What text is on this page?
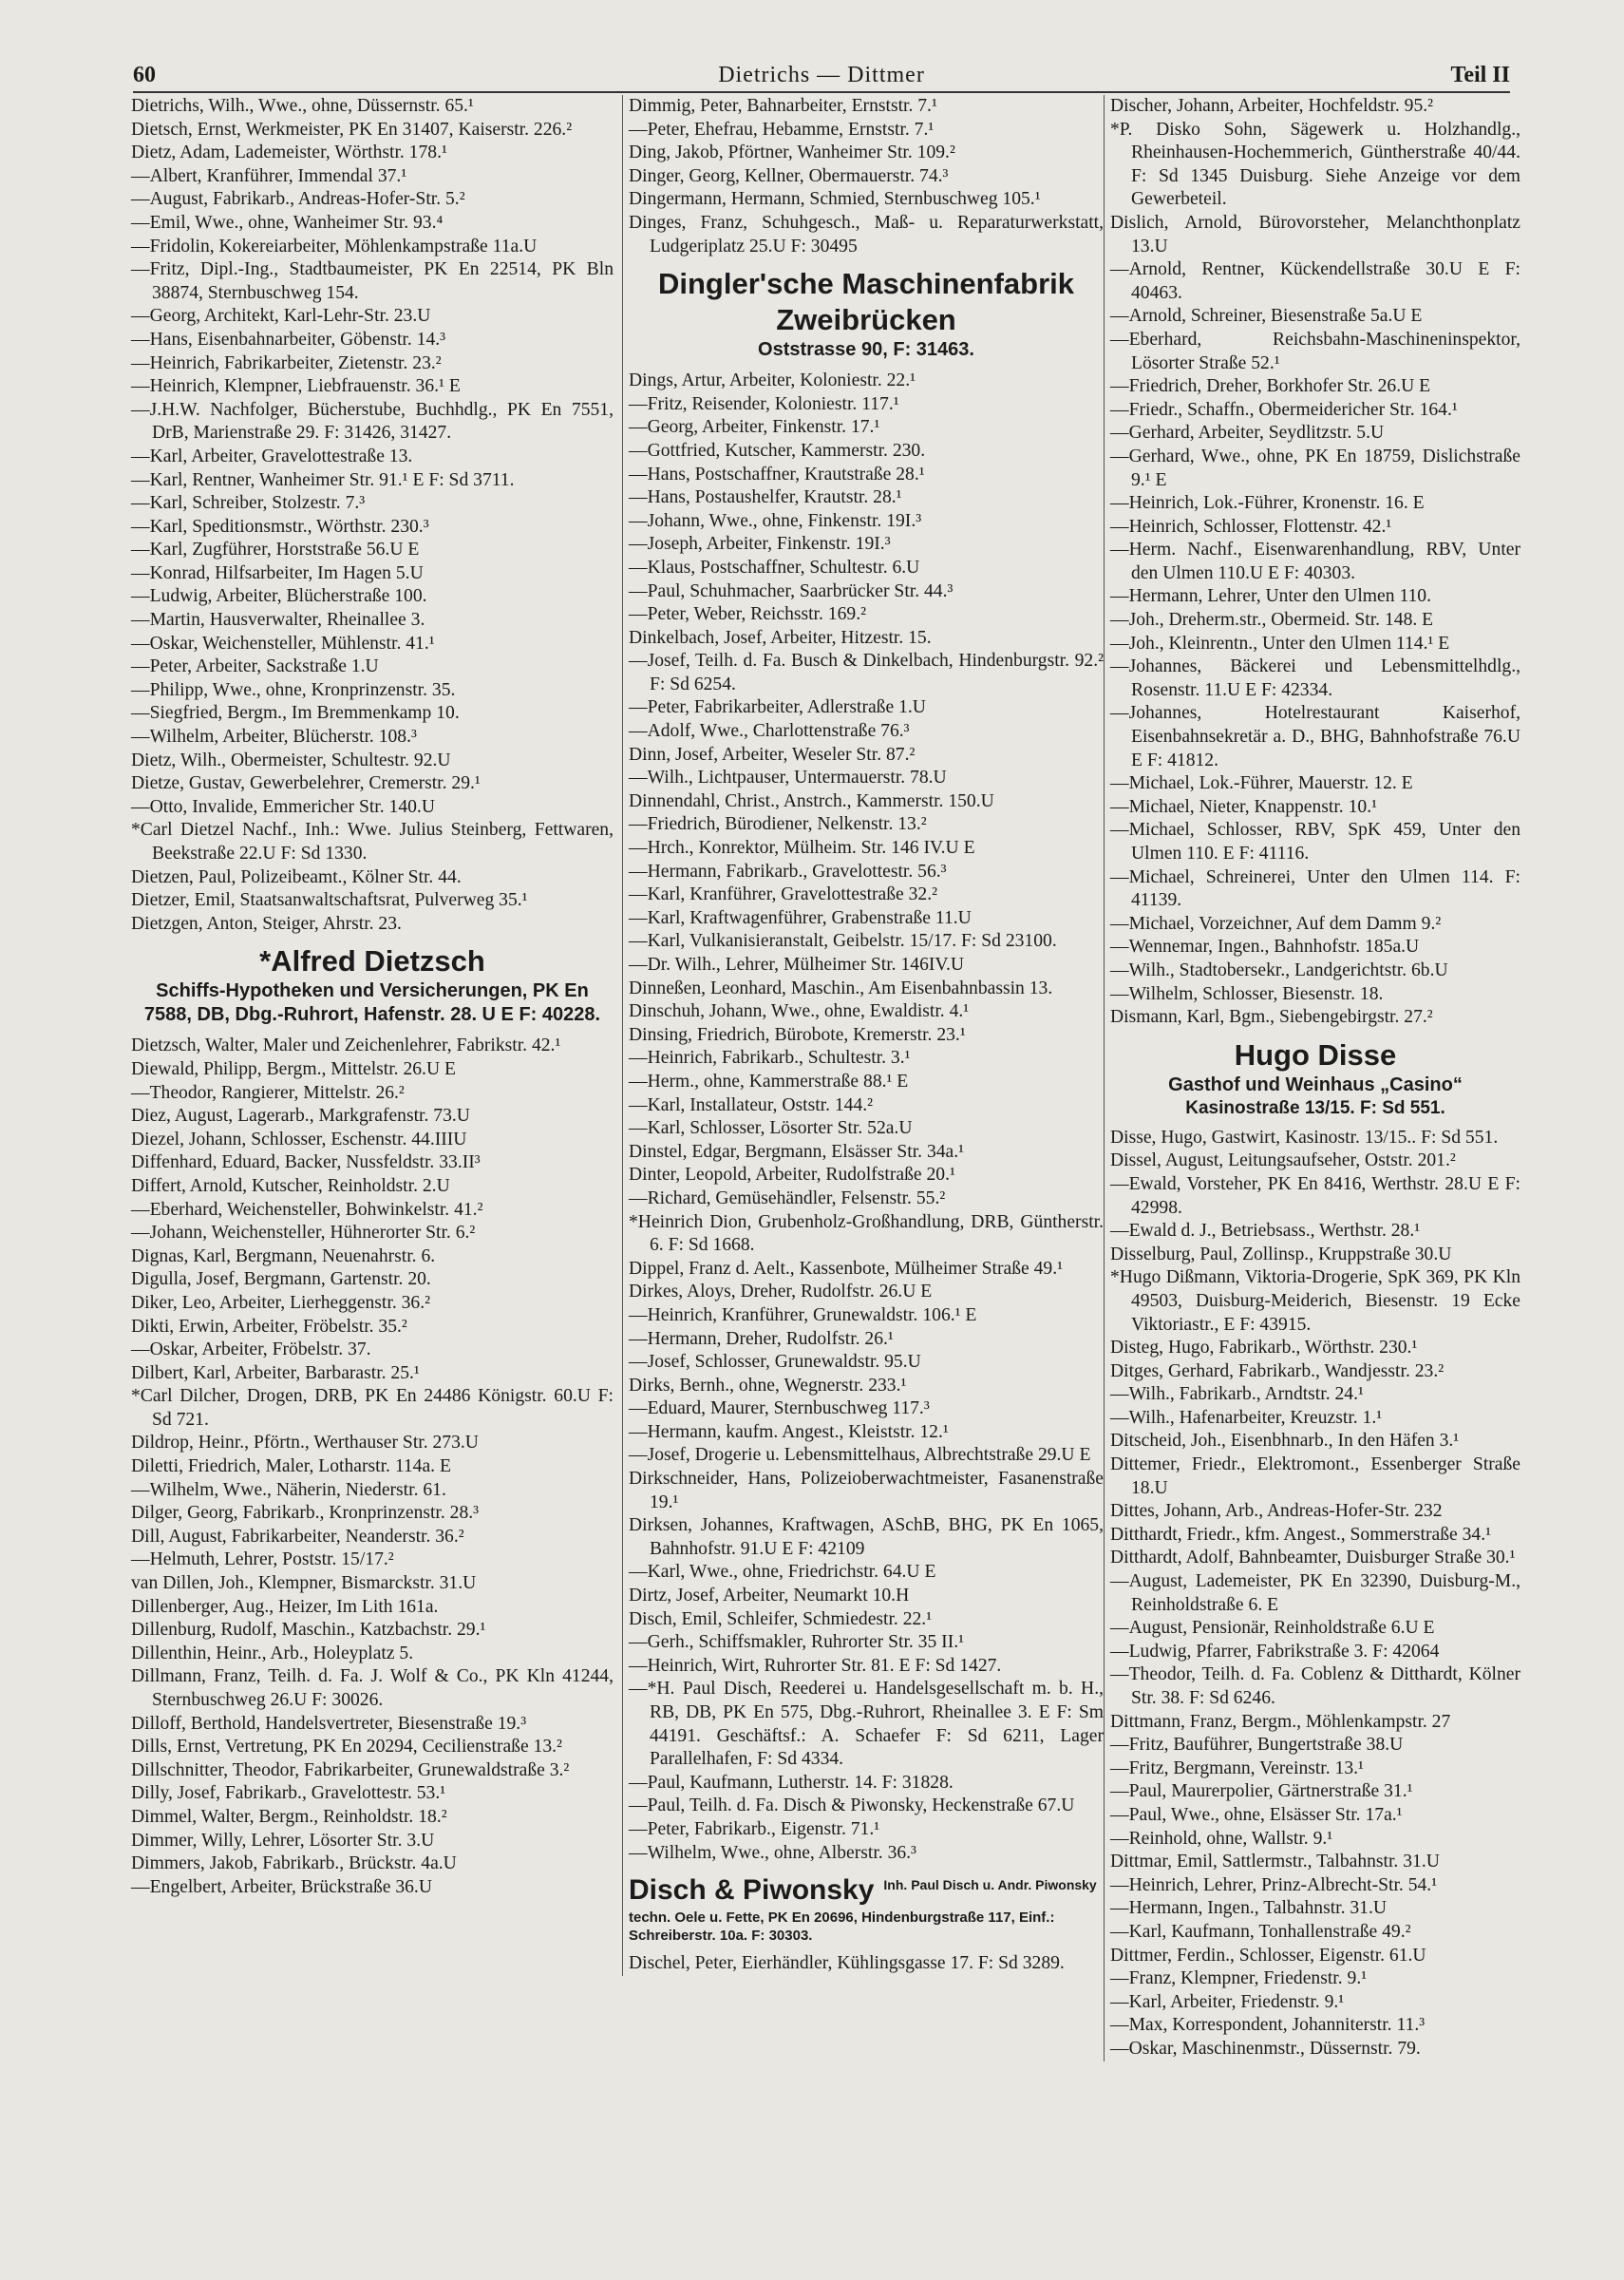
60	Dietrichs — Dittmer	Teil II
Dietrichs, Wilh., Wwe., ohne, Düssernstr. 65.¹
Dietsch, Ernst, Werkmeister, PK En 31407, Kaiserstr. 226.²
Dietz, Adam, Lademeister, Wörthstr. 178.¹
—Albert, Kranführer, Immendal 37.¹
—August, Fabrikarb., Andreas-Hofer-Str. 5.²
—Emil, Wwe., ohne, Wanheimer Str. 93.⁴
—Fridolin, Kokereiarbeiter, Möhlenkampstraße 11a.U
—Fritz, Dipl.-Ing., Stadtbaumeister, PK En 22514, PK Bln 38874, Sternbuschweg 154.
—Georg, Architekt, Karl-Lehr-Str. 23.U
—Hans, Eisenbahnarbeiter, Göbenstr. 14.³
—Heinrich, Fabrikarbeiter, Zietenstr. 23.²
—Heinrich, Klempner, Liebfrauenstr. 36.¹ E
—J.H.W. Nachfolger, Bücherstube, Buchhdlg., PK En 7551, DrB, Marienstraße 29. F: 31426, 31427.
—Karl, Arbeiter, Gravelottestraße 13.
—Karl, Rentner, Wanheimer Str. 91.¹ E F: Sd 3711.
—Karl, Schreiber, Stolzestr. 7.³
—Karl, Speditionsmstr., Wörthstr. 230.³
—Karl, Zugführer, Horststraße 56.U E
—Konrad, Hilfsarbeiter, Im Hagen 5.U
—Ludwig, Arbeiter, Blücherstraße 100.
—Martin, Hausverwalter, Rheinallee 3.
—Oskar, Weichensteller, Mühlenstr. 41.¹
—Peter, Arbeiter, Sackstraße 1.U
—Philipp, Wwe., ohne, Kronprinzenstr. 35.
—Siegfried, Bergm., Im Bremmenkamp 10.
—Wilhelm, Arbeiter, Blücherstr. 108.³
Dietz, Wilh., Obermeister, Schultestr. 92.U
Dietze, Gustav, Gewerbelehrer, Cremerstr. 29.¹
—Otto, Invalide, Emmericher Str. 140.U
*Carl Dietzel Nachf., Inh.: Wwe. Julius Steinberg, Fettwaren, Beekstraße 22.U F: Sd 1330.
Dietzen, Paul, Polizeibeamt., Kölner Str. 44.
Dietzer, Emil, Staatsanwaltschaftsrat, Pulverweg 35.¹
Dietzgen, Anton, Steiger, Ahrstr. 23.
*Alfred Dietzsch
Schiffs-Hypotheken und Versicherungen, PK En 7588, DB, Dbg.-Ruhrort, Hafenstr. 28. U E F: 40228.
Dietzsch, Walter, Maler und Zeichenlehrer, Fabrikstr. 42.¹
Diewald, Philipp, Bergm., Mittelstr. 26.U E
—Theodor, Rangierer, Mittelstr. 26.²
Diez, August, Lagerarb., Markgrafenstr. 73.U
Diezel, Johann, Schlosser, Eschenstr. 44.IIIU
Diffenhard, Eduard, Backer, Nussfeldstr. 33.II³
Differt, Arnold, Kutscher, Reinholdstr. 2.U
—Eberhard, Weichensteller, Bohwinkelstr. 41.²
—Johann, Weichensteller, Hühnerorter Str. 6.²
Dignas, Karl, Bergmann, Neuenahrstr. 6.
Digulla, Josef, Bergmann, Gartenstr. 20.
Diker, Leo, Arbeiter, Lierheggenstr. 36.²
Dikti, Erwin, Arbeiter, Fröbelstr. 35.²
—Oskar, Arbeiter, Fröbelstr. 37.
Dilbert, Karl, Arbeiter, Barbarastr. 25.¹
*Carl Dilcher, Drogen, DRB, PK En 24486 Königstr. 60.U F: Sd 721.
Dildrop, Heinr., Pförtn., Werthauser Str. 273.U
Diletti, Friedrich, Maler, Lotharstr. 114a. E
—Wilhelm, Wwe., Näherin, Niederstr. 61.
Dilger, Georg, Fabrikarb., Kronprinzenstr. 28.³
Dill, August, Fabrikarbeiter, Neanderstr. 36.²
—Helmuth, Lehrer, Poststr. 15/17.²
van Dillen, Joh., Klempner, Bismarckstr. 31.U
Dillenberger, Aug., Heizer, Im Lith 161a.
Dillenburg, Rudolf, Maschin., Katzbachstr. 29.¹
Dillenthin, Heinr., Arb., Holeyplatz 5.
Dillmann, Franz, Teilh. d. Fa. J. Wolf & Co., PK Kln 41244, Sternbuschweg 26.U F: 30026.
Dilloff, Berthold, Handelsvertreter, Biesenstraße 19.³
Dills, Ernst, Vertretung, PK En 20294, Cecilienstraße 13.²
Dillschnitter, Theodor, Fabrikarbeiter, Grunewaldstraße 3.²
Dilly, Josef, Fabrikarb., Gravelottestr. 53.¹
Dimmel, Walter, Bergm., Reinholdstr. 18.²
Dimmer, Willy, Lehrer, Lösorter Str. 3.U
Dimmers, Jakob, Fabrikarb., Brückstr. 4a.U
—Engelbert, Arbeiter, Brückstraße 36.U
Dimmig, Peter, Bahnarbeiter, Ernststr. 7.¹
—Peter, Ehefrau, Hebamme, Ernststr. 7.¹
Ding, Jakob, Pförtner, Wanheimer Str. 109.²
Dinger, Georg, Kellner, Obermauerstr. 74.³
Dingermann, Hermann, Schmied, Sternbuschweg 105.¹
Dinges, Franz, Schuhgesch., Maß- u. Reparaturwerkstatt, Ludgeriplatz 25.U F: 30495
Dingler'sche Maschinenfabrik Zweibrücken
Oststrasse 90, F: 31463.
Dings, Artur, Arbeiter, Koloniestr. 22.¹
—Fritz, Reisender, Koloniestr. 117.¹
—Georg, Arbeiter, Finkenstr. 17.¹
—Gottfried, Kutscher, Kammerstr. 230.
—Hans, Postschaffner, Krautstraße 28.¹
—Hans, Postaushelfer, Krautstr. 28.¹
—Johann, Wwe., ohne, Finkenstr. 19I.³
—Joseph, Arbeiter, Finkenstr. 19I.³
—Klaus, Postschaffner, Schultestr. 6.U
—Paul, Schuhmacher, Saarbrücker Str. 44.³
—Peter, Weber, Reichsstr. 169.²
Dinkelbach, Josef, Arbeiter, Hitzestr. 15.
—Josef, Teilh. d. Fa. Busch & Dinkelbach, Hindenburgstr. 92.² F: Sd 6254.
—Peter, Fabrikarbeiter, Adlerstraße 1.U
—Adolf, Wwe., Charlottenstraße 76.³
Dinn, Josef, Arbeiter, Weseler Str. 87.²
—Wilh., Lichtpauser, Untermauerstr. 78.U
Dinnendahl, Christ., Anstrch., Kammerstr. 150.U
—Friedrich, Bürodiener, Nelkenstr. 13.²
—Hrch., Konrektor, Mülheim. Str. 146 IV.U E
—Hermann, Fabrikarb., Gravelottestr. 56.³
—Karl, Kranführer, Gravelottestraße 32.²
—Karl, Kraftwagenführer, Grabenstraße 11.U
—Karl, Vulkanisieranstalt, Geibelstr. 15/17. F: Sd 23100.
—Dr. Wilh., Lehrer, Mülheimer Str. 146IV.U
Dinneßen, Leonhard, Maschin., Am Eisenbahnbassin 13.
Dinschuh, Johann, Wwe., ohne, Ewaldistr. 4.¹
Dinsing, Friedrich, Bürobote, Kremerstr. 23.¹
—Heinrich, Fabrikarb., Schultestr. 3.¹
—Herm., ohne, Kammerstraße 88.¹ E
—Karl, Installateur, Oststr. 144.²
—Karl, Schlosser, Lösorter Str. 52a.U
Dinstel, Edgar, Bergmann, Elsässer Str. 34a.¹
Dinter, Leopold, Arbeiter, Rudolfstraße 20.¹
—Richard, Gemüsehändler, Felsenstr. 55.²
*Heinrich Dion, Grubenholz-Großhandlung, DRB, Güntherstr. 6. F: Sd 1668.
Dippel, Franz d. Aelt., Kassenbote, Mülheimer Straße 49.¹
Dirkes, Aloys, Dreher, Rudolfstr. 26.U E
—Heinrich, Kranführer, Grunewaldstr. 106.¹ E
—Hermann, Dreher, Rudolfstr. 26.¹
—Josef, Schlosser, Grunewaldstr. 95.U
Dirks, Bernh., ohne, Wegnerstr. 233.¹
—Eduard, Maurer, Sternbuschweg 117.³
—Hermann, kaufm. Angest., Kleiststr. 12.¹
—Josef, Drogerie u. Lebensmittelhaus, Albrechtstraße 29.U E
Dirkschneider, Hans, Polizeioberwachtmeister, Fasanenstraße 19.¹
Dirksen, Johannes, Kraftwagen, ASchB, BHG, PK En 1065, Bahnhofstr. 91.U E F: 42109
—Karl, Wwe., ohne, Friedrichstr. 64.U E
Dirtz, Josef, Arbeiter, Neumarkt 10.H
Disch, Emil, Schleifer, Schmiedestr. 22.¹
—Gerh., Schiffsmakler, Ruhrorter Str. 35 II.¹
—Heinrich, Wirt, Ruhrorter Str. 81. E F: Sd 1427.
—*H. Paul Disch, Reederei u. Handelsgesellschaft m. b. H., RB, DB, PK En 575, Dbg.-Ruhrort, Rheinallee 3. E F: Sm 44191. Geschäftsf.: A. Schaefer F: Sd 6211, Lager Parallelhafen, F: Sd 4334.
—Paul, Kaufmann, Lutherstr. 14. F: 31828.
—Paul, Teilh. d. Fa. Disch & Piwonsky, Heckenstraße 67.U
—Peter, Fabrikarb., Eigenstr. 71.¹
—Wilhelm, Wwe., ohne, Alberstr. 36.³
Disch & Piwonsky Inh. Paul Disch u. Andr. Piwonsky
techn. Oele u. Fette, PK En 20696, Hindenburgstraße 117, Einf.: Schreiberstr. 10a. F: 30303.
Dischel, Peter, Eierhändler, Kühlingsgasse 17. F: Sd 3289.
Discher, Johann, Arbeiter, Hochfeldstr. 95.²
*P. Disko Sohn, Sägewerk u. Holzhandlg., Rheinhausen-Hochemmerich, Güntherstraße 40/44. F: Sd 1345 Duisburg. Siehe Anzeige vor dem Gewerbeteil.
Dislich, Arnold, Bürovorsteher, Melanchthonplatz 13.U
—Arnold, Rentner, Kückendellstraße 30.U E F: 40463.
—Arnold, Schreiner, Biesenstraße 5a.U E
—Eberhard, Reichsbahn-Maschineninspektor, Lösorter Straße 52.¹
—Friedrich, Dreher, Borkhofer Str. 26.U E
—Friedr., Schaffn., Obermeidericher Str. 164.¹
—Gerhard, Arbeiter, Seydlitzstr. 5.U
—Gerhard, Wwe., ohne, PK En 18759, Dislichstraße 9.¹ E
—Heinrich, Lok.-Führer, Kronenstr. 16. E
—Heinrich, Schlosser, Flottenstr. 42.¹
—Herm. Nachf., Eisenwarenhandlung, RBV, Unter den Ulmen 110.U E F: 40303.
—Hermann, Lehrer, Unter den Ulmen 110.
—Joh., Dreherm.str., Obermeid. Str. 148. E
—Joh., Kleinrentn., Unter den Ulmen 114.¹ E
—Johannes, Bäckerei und Lebensmittelhdlg., Rosenstr. 11.U E F: 42334.
—Johannes, Hotelrestaurant Kaiserhof, Eisenbahnsekretär a. D., BHG, Bahnhofstraße 76.U E F: 41812.
—Michael, Lok.-Führer, Mauerstr. 12. E
—Michael, Nieter, Knappenstr. 10.¹
—Michael, Schlosser, RBV, SpK 459, Unter den Ulmen 110. E F: 41116.
—Michael, Schreinerei, Unter den Ulmen 114. F: 41139.
—Michael, Vorzeichner, Auf dem Damm 9.²
—Wennemar, Ingen., Bahnhofstr. 185a.U
—Wilh., Stadtobersekr., Landgerichtstr. 6b.U
—Wilhelm, Schlosser, Biesenstr. 18.
Dismann, Karl, Bgm., Siebengebirgstr. 27.²
Hugo Disse
Gasthof und Weinhaus „Casino“
Kasinostraße 13/15. F: Sd 551.
Disse, Hugo, Gastwirt, Kasinostr. 13/15.. F: Sd 551.
Dissel, August, Leitungsaufseher, Oststr. 201.²
—Ewald, Vorsteher, PK En 8416, Werthstr. 28.U E F: 42998.
—Ewald d. J., Betriebsass., Werthstr. 28.¹
Disselburg, Paul, Zollinsp., Kruppstraße 30.U
*Hugo Dißmann, Viktoria-Drogerie, SpK 369, PK Kln 49503, Duisburg-Meiderich, Biesenstr. 19 Ecke Viktoriastr., E F: 43915.
Disteg, Hugo, Fabrikarb., Wörthstr. 230.¹
Ditges, Gerhard, Fabrikarb., Wandjesstr. 23.²
—Wilh., Fabrikarb., Arndtstr. 24.¹
—Wilh., Hafenarbeiter, Kreuzstr. 1.¹
Ditscheid, Joh., Eisenbhnarb., In den Häfen 3.¹
Dittemer, Friedr., Elektromont., Essenberger Straße 18.U
Dittes, Johann, Arb., Andreas-Hofer-Str. 232
Ditthardt, Friedr., kfm. Angest., Sommerstraße 34.¹
Ditthardt, Adolf, Bahnbeamter, Duisburger Straße 30.¹
—August, Lademeister, PK En 32390, Duisburg-M., Reinholdstraße 6. E
—August, Pensionär, Reinholdstraße 6.U E
—Ludwig, Pfarrer, Fabrikstraße 3. F: 42064
—Theodor, Teilh. d. Fa. Coblenz & Ditthardt, Kölner Str. 38. F: Sd 6246.
Dittmann, Franz, Bergm., Möhlenkampstr. 27
—Fritz, Bauführer, Bungertstraße 38.U
—Fritz, Bergmann, Vereinstr. 13.¹
—Paul, Maurerpolier, Gärtnerstraße 31.¹
—Paul, Wwe., ohne, Elsässer Str. 17a.¹
—Reinhold, ohne, Wallstr. 9.¹
Dittmar, Emil, Sattlermstr., Talbahnstr. 31.U
—Heinrich, Lehrer, Prinz-Albrecht-Str. 54.¹
—Hermann, Ingen., Talbahnstr. 31.U
—Karl, Kaufmann, Tonhallenstraße 49.²
Dittmer, Ferdin., Schlosser, Eigenstr. 61.U
—Franz, Klempner, Friedenstr. 9.¹
—Karl, Arbeiter, Friedenstr. 9.¹
—Max, Korrespondent, Johanniterstr. 11.³
—Oskar, Maschinenmstr., Düssernstr. 79.
